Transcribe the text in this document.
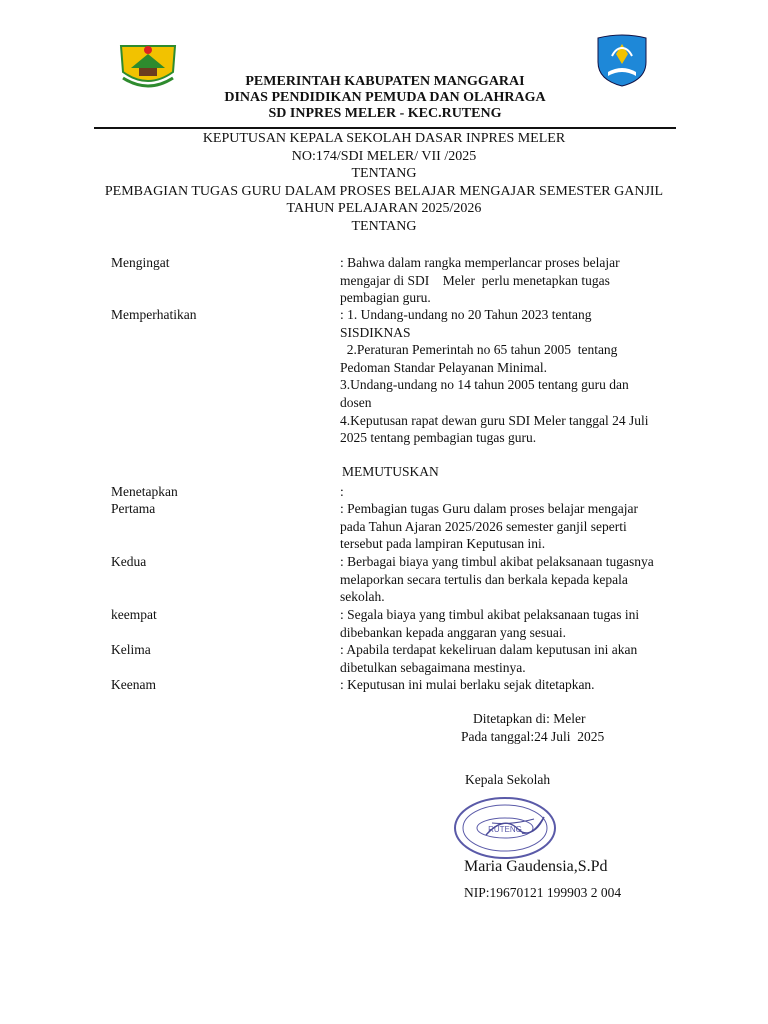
PEMERINTAH KABUPATEN MANGGARAI
DINAS PENDIDIKAN PEMUDA DAN OLAHRAGA
SD INPRES MELER - KEC.RUTENG
KEPUTUSAN KEPALA SEKOLAH DASAR INPRES MELER
NO:174/SDI MELER/ VII /2025
TENTANG
PEMBAGIAN TUGAS GURU DALAM PROSES BELAJAR MENGAJAR SEMESTER GANJIL
TAHUN PELAJARAN 2025/2026
TENTANG
Mengingat	: Bahwa dalam rangka memperlancar proses belajar
mengajar di SDI    Meler  perlu menetapkan tugas
pembagian guru.
Memperhatikan	: 1. Undang-undang no 20 Tahun 2023 tentang
SISDIKNAS
2.Peraturan Pemerintah no 65 tahun 2005  tentang
Pedoman Standar Pelayanan Minimal.
3.Undang-undang no 14 tahun 2005 tentang guru dan
dosen
4.Keputusan rapat dewan guru SDI Meler tanggal 24 Juli
2025 tentang pembagian tugas guru.
MEMUTUSKAN
Menetapkan	:
Pertama	: Pembagian tugas Guru dalam proses belajar mengajar
pada Tahun Ajaran 2025/2026 semester ganjil seperti
tersebut pada lampiran Keputusan ini.
Kedua	: Berbagai biaya yang timbul akibat pelaksanaan tugasnya
melaporkan secara tertulis dan berkala kepada kepala
sekolah.
keempat	: Segala biaya yang timbul akibat pelaksanaan tugas ini
dibebankan kepada anggaran yang sesuai.
Kelima	: Apabila terdapat kekeliruan dalam keputusan ini akan
dibetulkan sebagaimana mestinya.
Keenam	: Keputusan ini mulai berlaku sejak ditetapkan.
Ditetapkan di: Meler
Pada tanggal:24 Juli  2025
Kepala Sekolah
RUTENG
Maria Gaudensia,S.Pd
NIP:19670121 199903 2 004
